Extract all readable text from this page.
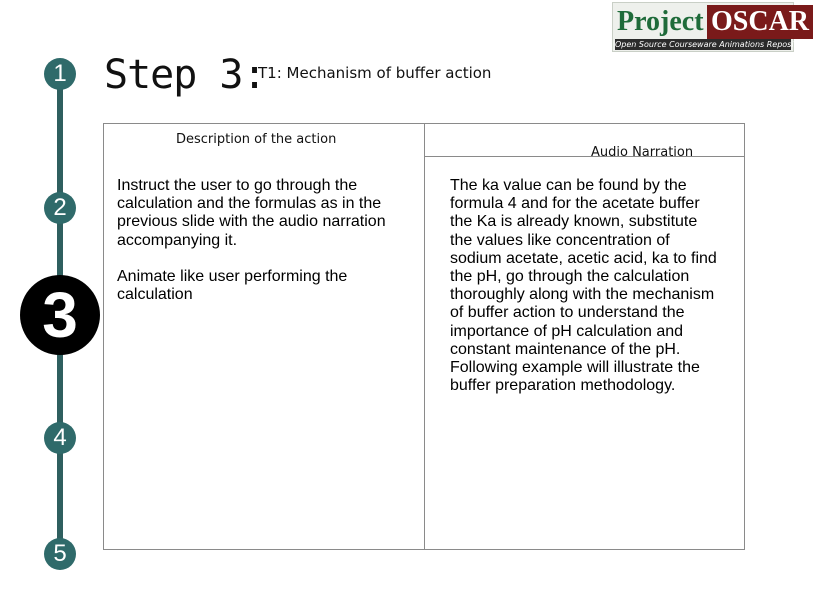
1
2
3
4
5
Step 3:
T1: Mechanism of buffer action
Project OSCAR
Open Source Courseware Animations Repository
Description of the action
Audio Narration
Instruct the user to go through the calculation and the formulas as in the previous slide with the audio narration accompanying it.
Animate like user performing the calculation
The ka value can be found by the formula 4 and for the acetate buffer the Ka is already known, substitute the values like concentration of sodium acetate, acetic acid, ka to find the pH, go through the calculation thoroughly along with the mechanism of buffer action to understand the importance of pH calculation and constant maintenance of the pH. Following example will illustrate the buffer preparation methodology.
